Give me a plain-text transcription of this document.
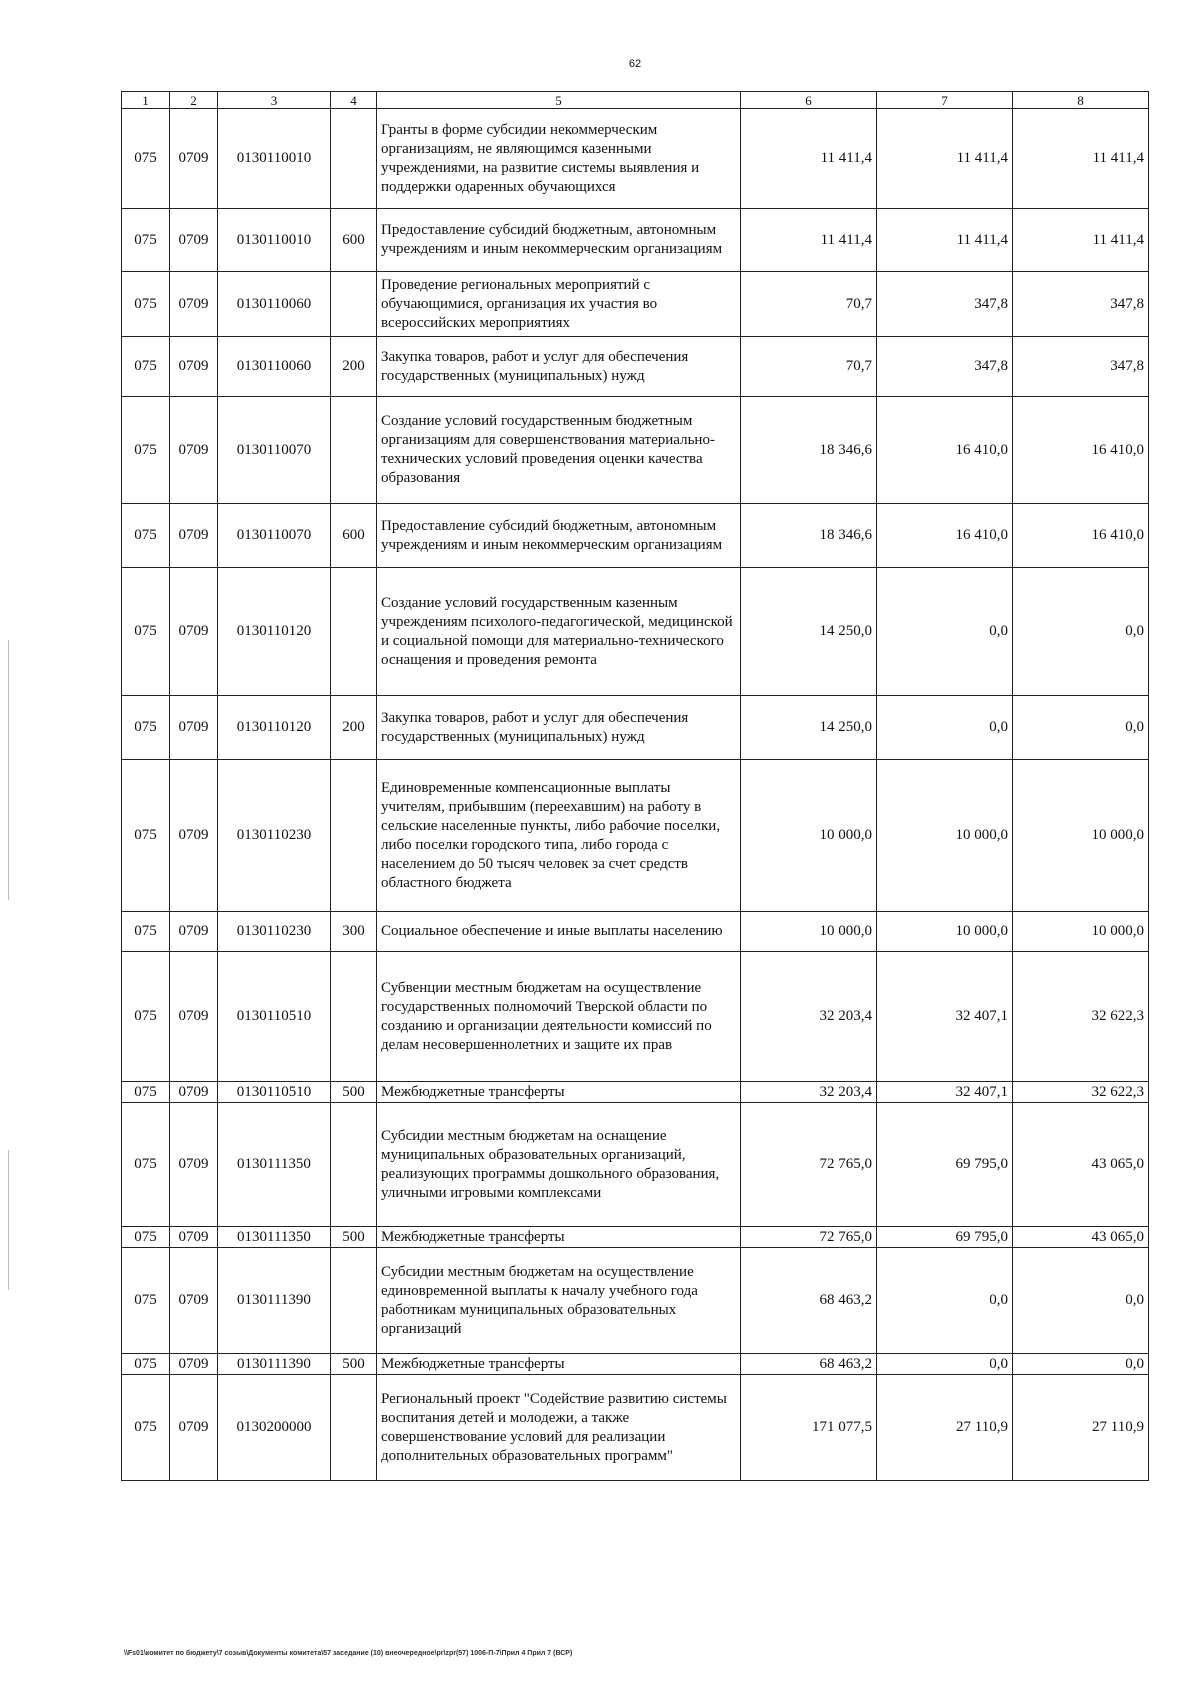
62
1	2	3	4	5	6	7	8
075	0709	0130110010		Гранты в форме субсидии некоммерческим организациям, не являющимся казенными учреждениями, на развитие системы выявления и поддержки одаренных обучающихся	11 411,4	11 411,4	11 411,4
075	0709	0130110010	600	Предоставление субсидий бюджетным, автономным учреждениям и иным некоммерческим организациям	11 411,4	11 411,4	11 411,4
075	0709	0130110060		Проведение региональных мероприятий с обучающимися, организация их участия во всероссийских мероприятиях	70,7	347,8	347,8
075	0709	0130110060	200	Закупка товаров, работ и услуг для обеспечения государственных (муниципальных) нужд	70,7	347,8	347,8
075	0709	0130110070		Создание условий государственным бюджетным организациям для совершенствования материально-технических условий проведения оценки качества образования	18 346,6	16 410,0	16 410,0
075	0709	0130110070	600	Предоставление субсидий бюджетным, автономным учреждениям и иным некоммерческим организациям	18 346,6	16 410,0	16 410,0
075	0709	0130110120		Создание условий государственным казенным учреждениям психолого-педагогической, медицинской и социальной помощи для материально-технического оснащения и проведения ремонта	14 250,0	0,0	0,0
075	0709	0130110120	200	Закупка товаров, работ и услуг для обеспечения государственных (муниципальных) нужд	14 250,0	0,0	0,0
075	0709	0130110230		Единовременные компенсационные выплаты учителям, прибывшим (переехавшим) на работу в сельские населенные пункты, либо рабочие поселки, либо поселки городского типа, либо города с населением до 50 тысяч человек за счет средств областного бюджета	10 000,0	10 000,0	10 000,0
075	0709	0130110230	300	Социальное обеспечение и иные выплаты населению	10 000,0	10 000,0	10 000,0
075	0709	0130110510		Субвенции местным бюджетам на осуществление государственных полномочий Тверской области по созданию и организации деятельности комиссий по делам несовершеннолетних и защите их прав	32 203,4	32 407,1	32 622,3
075	0709	0130110510	500	Межбюджетные трансферты	32 203,4	32 407,1	32 622,3
075	0709	0130111350		Субсидии местным бюджетам на оснащение муниципальных образовательных организаций, реализующих программы дошкольного образования, уличными игровыми комплексами	72 765,0	69 795,0	43 065,0
075	0709	0130111350	500	Межбюджетные трансферты	72 765,0	69 795,0	43 065,0
075	0709	0130111390		Субсидии местным бюджетам на осуществление единовременной выплаты к началу учебного года работникам муниципальных образовательных организаций	68 463,2	0,0	0,0
075	0709	0130111390	500	Межбюджетные трансферты	68 463,2	0,0	0,0
075	0709	0130200000		Региональный проект "Содействие развитию системы воспитания детей и молодежи, а также совершенствование условий для реализации дополнительных образовательных программ"	171 077,5	27 110,9	27 110,9
\\Fs01\комитет по бюджету\7 созыв\Документы комитета\57 заседание (10) внеочередное\pr\zpr(57) 1006-П-7\Прил 4 Прил 7 (ВСР)
